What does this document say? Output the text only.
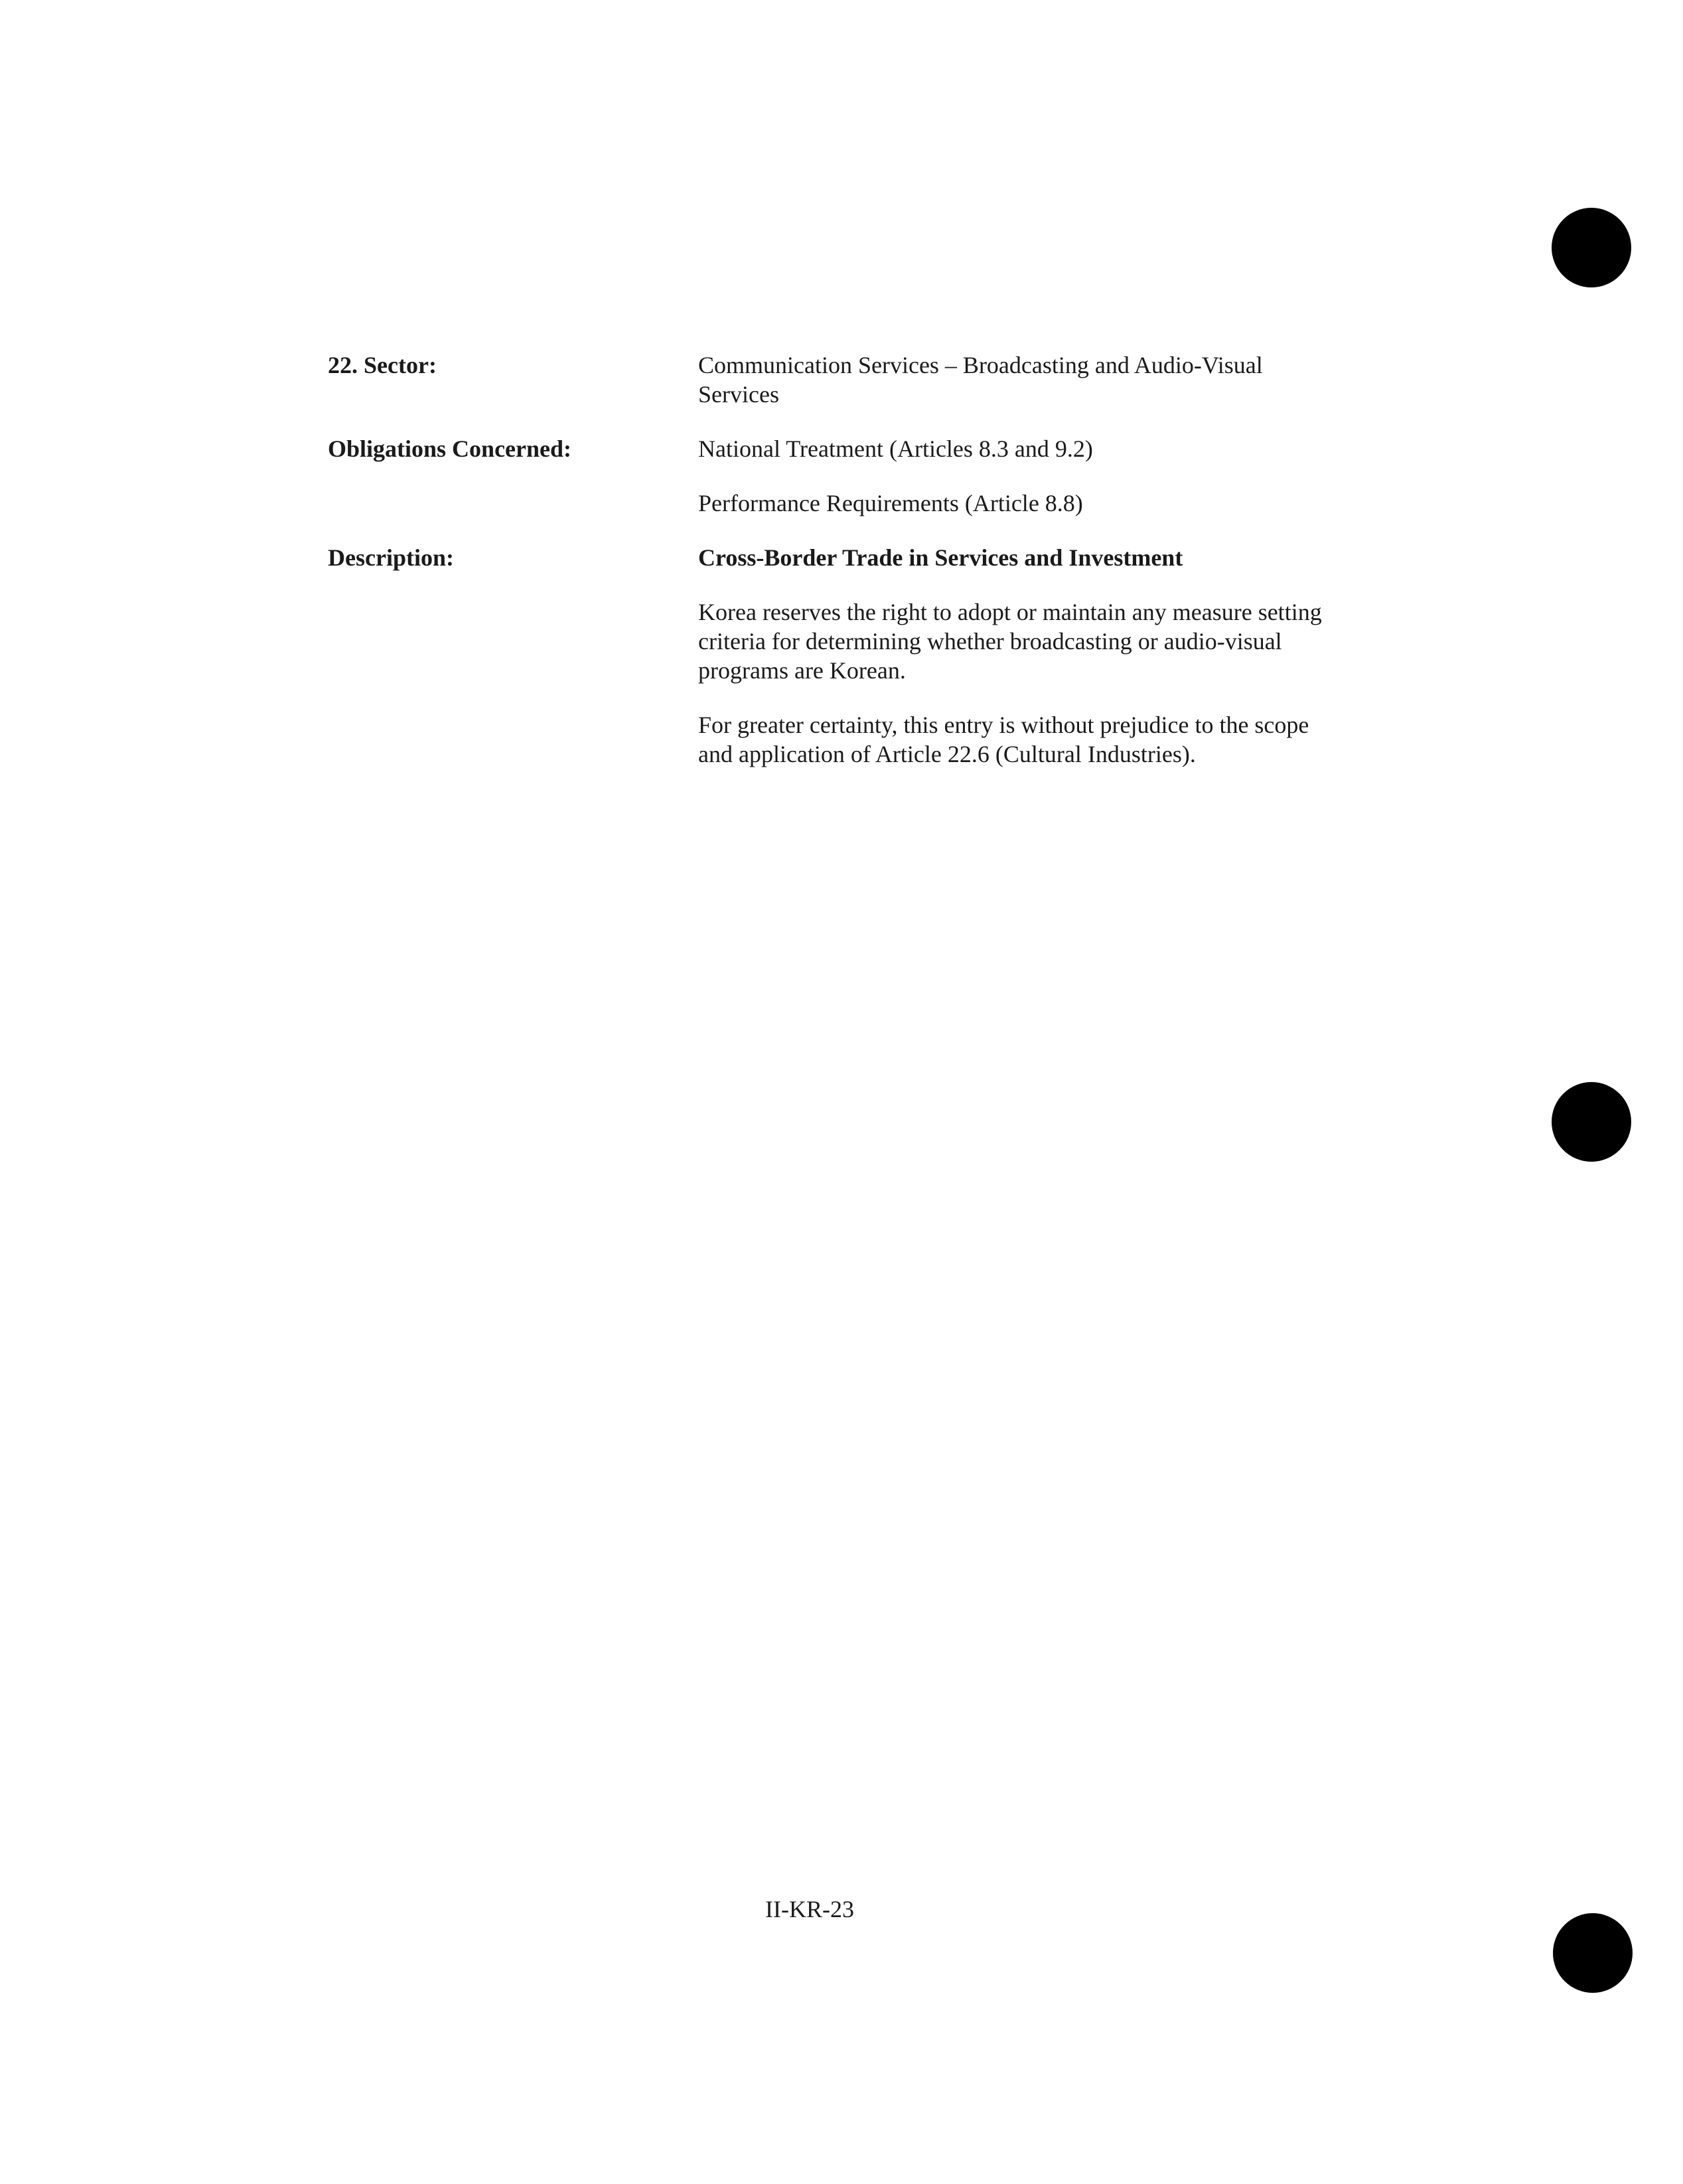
22. Sector:	Communication Services – Broadcasting and Audio-Visual Services
Obligations Concerned:	National Treatment (Articles 8.3 and 9.2)
Performance Requirements (Article 8.8)
Description:	Cross-Border Trade in Services and Investment
Korea reserves the right to adopt or maintain any measure setting criteria for determining whether broadcasting or audio-visual programs are Korean.
For greater certainty, this entry is without prejudice to the scope and application of Article 22.6 (Cultural Industries).
II-KR-23
